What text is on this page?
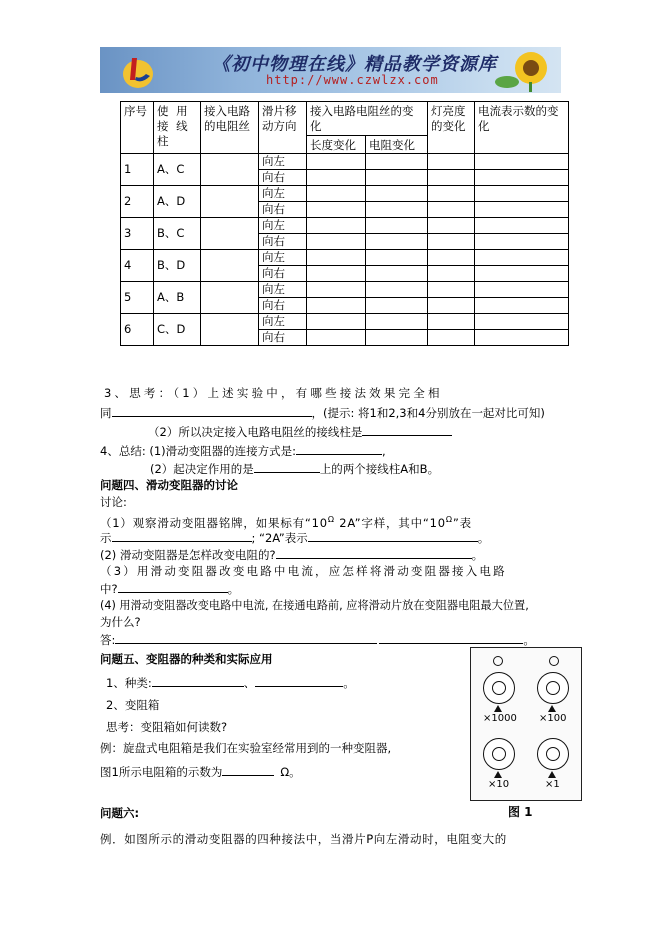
《初中物理在线》精品教学资源库
http://www.czwlzx.com
序号	使 用 接 线 柱	接入电路的电阻丝	滑片移动方向	接入电路电阻丝的变化		灯亮度的变化	电流表示数的变化
				长度变化	电阻变化		
1	A、C		向左				
			向右				
2	A、D		向左				
			向右				
3	B、C		向左				
			向右				
4	B、D		向左				
			向右				
5	A、B		向左				
			向右				
6	C、D		向左				
			向右				
3、思考：（1）上述实验中，有哪些接法效果完全相
同	，(提示: 将1和2,3和4分别放在一起对比可知)
（2）所以决定接入电路电阻丝的接线柱是
4、总结: (1)滑动变阻器的连接方式是:	,
(2）起决定作用的是	上的两个接线柱A和B。
问题四、滑动变阻器的讨论
讨论:
（1）观察滑动变阻器铭牌，如果标有“$10^\Omega$ 2A”字样，其中“$10^\Omega$”表
示	; “2A”表示	。
(2) 滑动变阻器是怎样改变电阻的?	。
（3）用滑动变阻器改变电路中电流，应怎样将滑动变阻器接入电路
中?	。
(4) 用滑动变阻器改变电路中电流, 在接通电路前, 应将滑动片放在变阻器电阻最大位置,
为什么?
答:	。
问题五、变阻器的种类和实际应用
1、种类:	、	。
2、变阻箱
思考：变阻箱如何读数?
例：旋盘式电阻箱是我们在实验室经常用到的一种变阻器,
图1所示电阻箱的示数为	Ω。
×1000 ×100
×10	×1
图 1
问题六:
例．如图所示的滑动变阻器的四种接法中，当滑片P向左滑动时，电阻变大的
